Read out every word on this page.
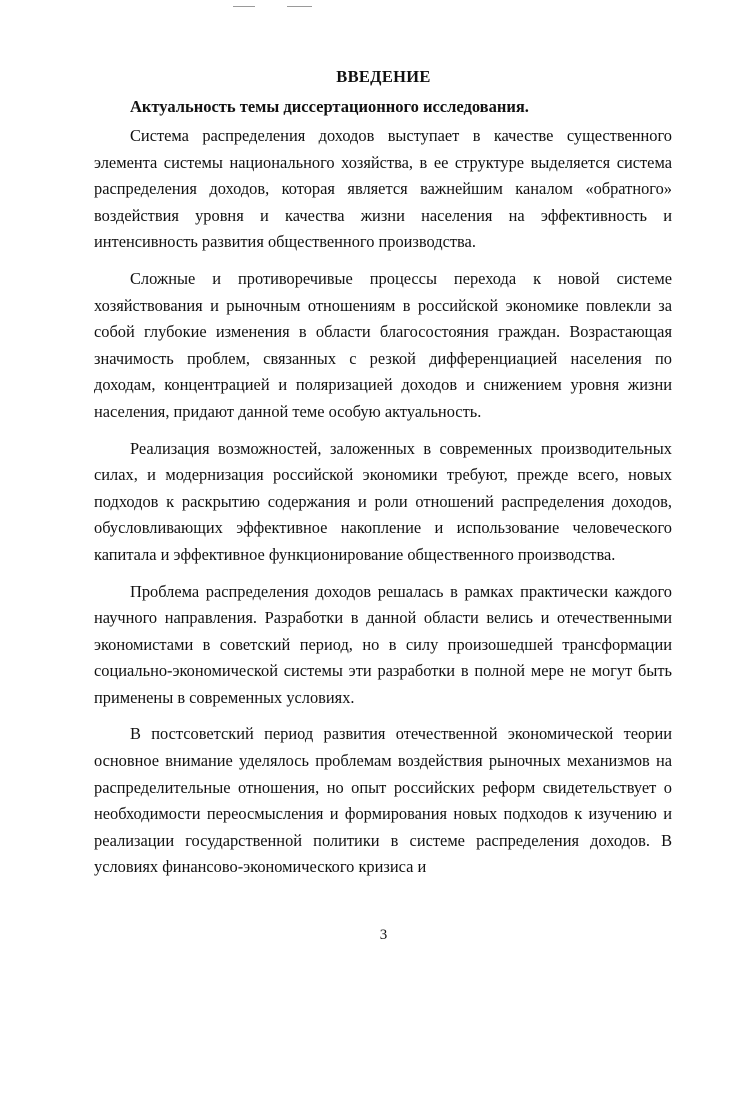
ВВЕДЕНИЕ
Актуальность темы диссертационного исследования.

Система распределения доходов выступает в качестве существенного элемента системы национального хозяйства, в ее структуре выделяется система распределения доходов, которая является важнейшим каналом «обратного» воздействия уровня и качества жизни населения на эффективность и интенсивность развития общественного производства.

Сложные и противоречивые процессы перехода к новой системе хозяйствования и рыночным отношениям в российской экономике повлекли за собой глубокие изменения в области благосостояния граждан. Возрастающая значимость проблем, связанных с резкой дифференциацией населения по доходам, концентрацией и поляризацией доходов и снижением уровня жизни населения, придают данной теме особую актуальность.

Реализация возможностей, заложенных в современных производительных силах, и модернизация российской экономики требуют, прежде всего, новых подходов к раскрытию содержания и роли отношений распределения доходов, обусловливающих эффективное накопление и использование человеческого капитала и эффективное функционирование общественного производства.

Проблема распределения доходов решалась в рамках практически каждого научного направления. Разработки в данной области велись и отечественными экономистами в советский период, но в силу произошедшей трансформации социально-экономической системы эти разработки в полной мере не могут быть применены в современных условиях.

В постсоветский период развития отечественной экономической теории основное внимание уделялось проблемам воздействия рыночных механизмов на распределительные отношения, но опыт российских реформ свидетельствует о необходимости переосмысления и формирования новых подходов к изучению и реализации государственной политики в системе распределения доходов. В условиях финансово-экономического кризиса и

3
